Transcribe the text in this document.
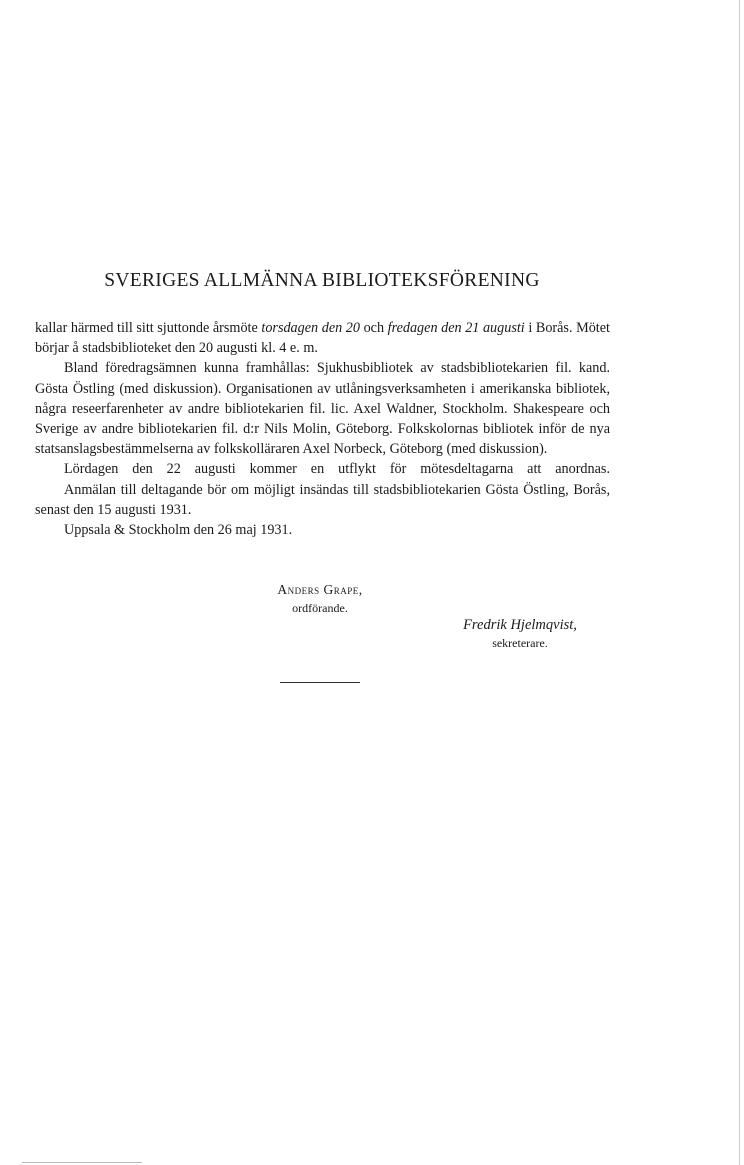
SVERIGES ALLMÄNNA BIBLIOTEKSFÖRENING

kallar härmed till sitt sjuttonde årsmöte torsdagen den 20 och fredagen den 21 augusti i Borås. Mötet börjar å stadsbiblioteket den 20 augusti kl. 4 e. m.

Bland föredragsämnen kunna framhållas: Sjukhusbibliotek av stadsbibliotekarien fil. kand. Gösta Östling (med diskussion). Organisationen av utlåningsverksamheten i amerikanska bibliotek, några reseerfarenheter av andre bibliotekarien fil. lic. Axel Waldner, Stockholm. Shakespeare och Sverige av andre bibliotekarien fil. d:r Nils Molin, Göteborg. Folkskolornas bibliotek inför de nya statsanslagsbestämmelserna av folkskolläraren Axel Norbeck, Göteborg (med diskussion).

Lördagen den 22 augusti kommer en utflykt för mötesdeltagarna att anordnas.

Anmälan till deltagande bör om möjligt insändas till stadsbibliotekarien Gösta Östling, Borås, senast den 15 augusti 1931.

Uppsala & Stockholm den 26 maj 1931.

Anders Grape,
ordförande.
Fredrik Hjelmqvist,
sekreterare.
